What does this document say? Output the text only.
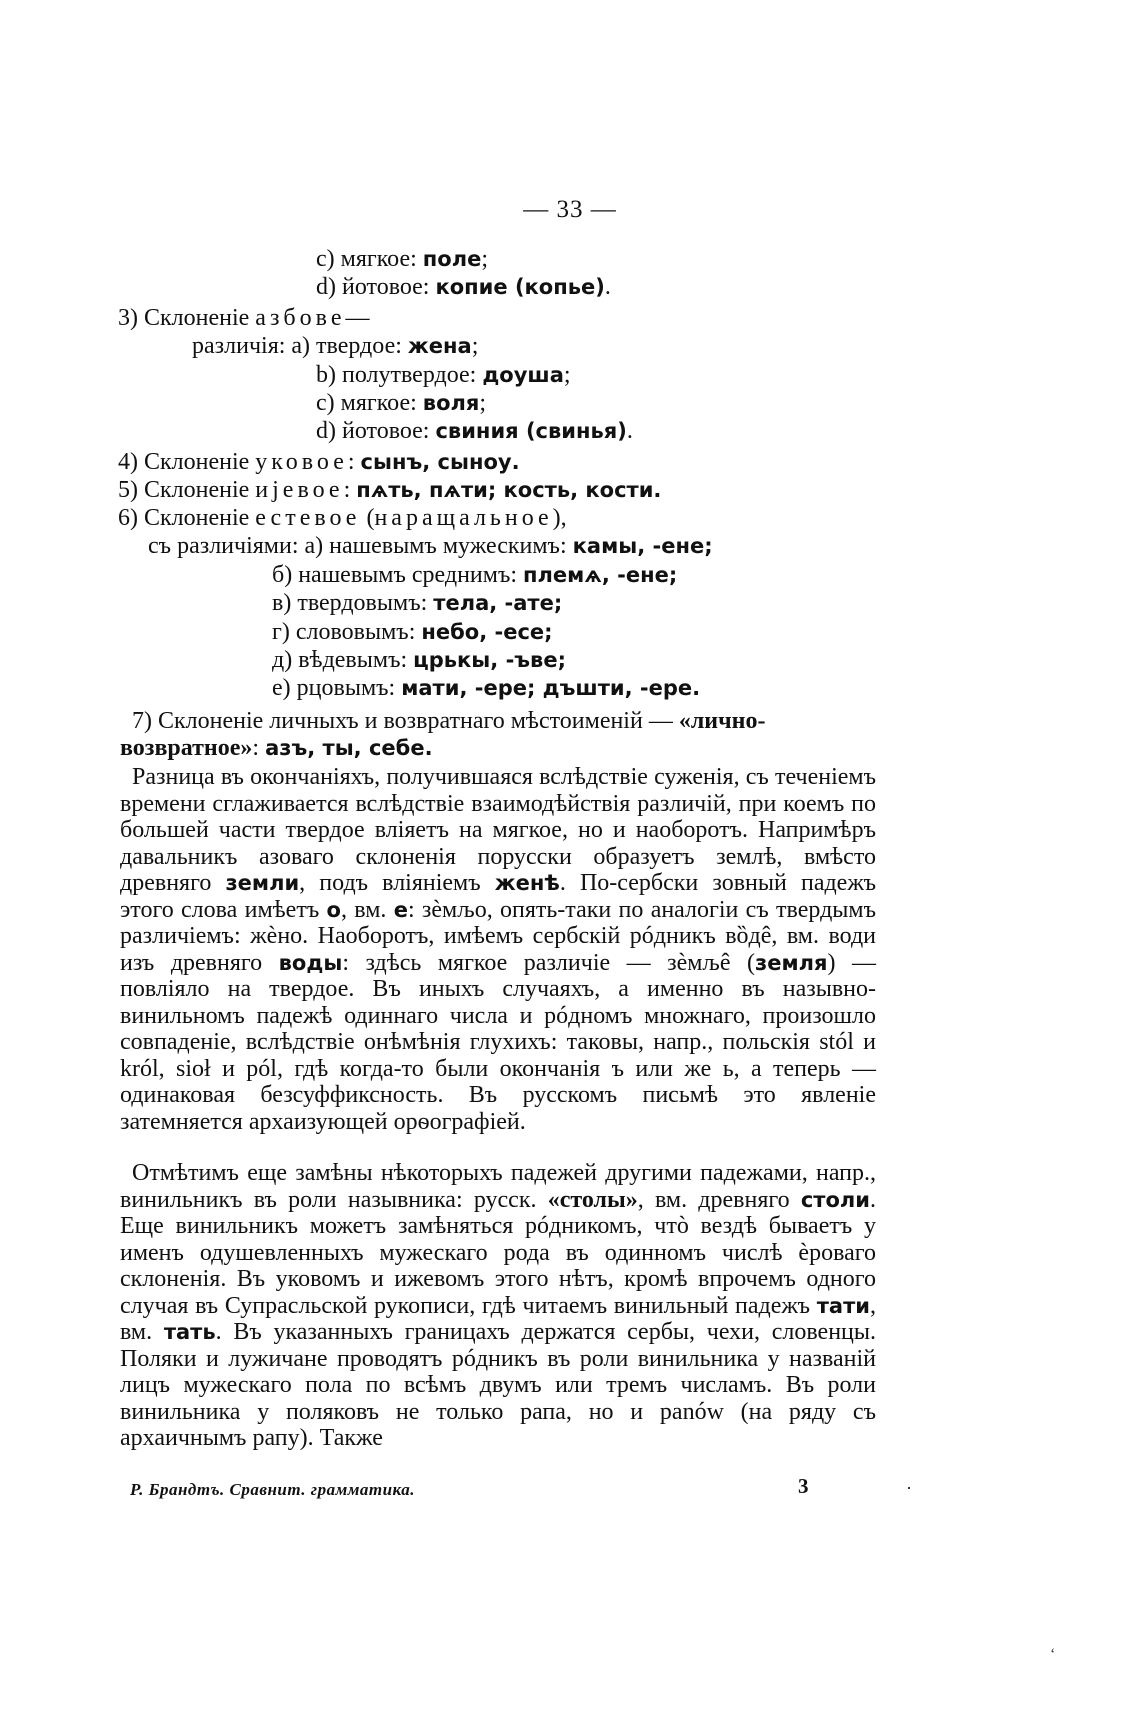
— 33 —
c) мягкое: поле;
d) йотовое: копие (копье).
3) Склоненіе азбове—
различія: a) твердое: жена;
b) полутвердое: доуша;
c) мягкое: воля;
d) йотовое: свиния (свинья).
4) Склоненіе уковое: сынъ, сыноу.
5) Склоненіе иjевое: пѧть, пѧти; кость, кости.
6) Склоненіе естевое (наращальное),
съ различіями: а) нашевымъ мужескимъ: камы, -ене;
б) нашевымъ среднимъ: племѧ, -ене;
в) твердовымъ: тела, -ате;
г) слововымъ: небо, -есе;
д) вѣдевымъ: црькы, -ъве;
е) рцовымъ: мати, -ере; дъшти, -ере.

7) Склоненіе личныхъ и возвратнаго мѣстоименій — «лично-
возвратное»: азъ, ты, себе.

Разница въ окончаніяхъ, получившаяся вслѣдствіе суженія, съ теченіемъ времени сглаживается вслѣдствіе взаимодѣйствія различій, при коемъ по большей части твердое вліяетъ на мягкое, но и наоборотъ. Напримѣръ давальникъ азоваго склоненія порусски образуетъ землѣ, вмѣсто древняго земли, подъ вліяніемъ женѣ. По-сербски зовный падежъ этого слова имѣетъ о, вм. е: зѐмљо, опять-таки по аналогіи съ твердымъ различіемъ: жѐно. Наоборотъ, имѣемъ сербскій рóдникъ вȍдê, вм. води изъ древняго воды: здѣсь мягкое различіе — зѐмљê (земля) — повліяло на твердое. Въ иныхъ случаяхъ, а именно въ назывно-винильномъ падежѣ одиннаго числа и рóдномъ множнаго, произошло совпаденіе, вслѣдствіе онѣмѣнія глухихъ: таковы, напр., польскія stól и król, sioł и pól, гдѣ когда-то были окончанія ъ или же ь, а теперь — одинаковая безсуффиксность. Въ русскомъ письмѣ это явленіе затемняется архаизующей орѳографіей.

Отмѣтимъ еще замѣны нѣкоторыхъ падежей другими падежами, напр., винильникъ въ роли назывника: русск. «столы», вм. древняго столи. Еще винильникъ можетъ замѣняться рóдникомъ, чтò вездѣ бываетъ у именъ одушевленныхъ мужескаго рода въ одинномъ числѣ ѐроваго склоненія. Въ уковомъ и ижевомъ этого нѣтъ, кромѣ впрочемъ одного случая въ Супрасльской рукописи, гдѣ читаемъ винильный падежъ тати, вм. тать. Въ указанныхъ границахъ держатся сербы, чехи, словенцы. Поляки и лужичане проводятъ рóдникъ въ роли винильника у названій лицъ мужескаго пола по всѣмъ двумъ или тремъ числамъ. Въ роли винильника у поляковъ не только рапа, но и panów (на ряду съ архаичнымъ рапу). Также

Р. Брандтъ. Сравнит. грамматика.	3	·
ʻ
